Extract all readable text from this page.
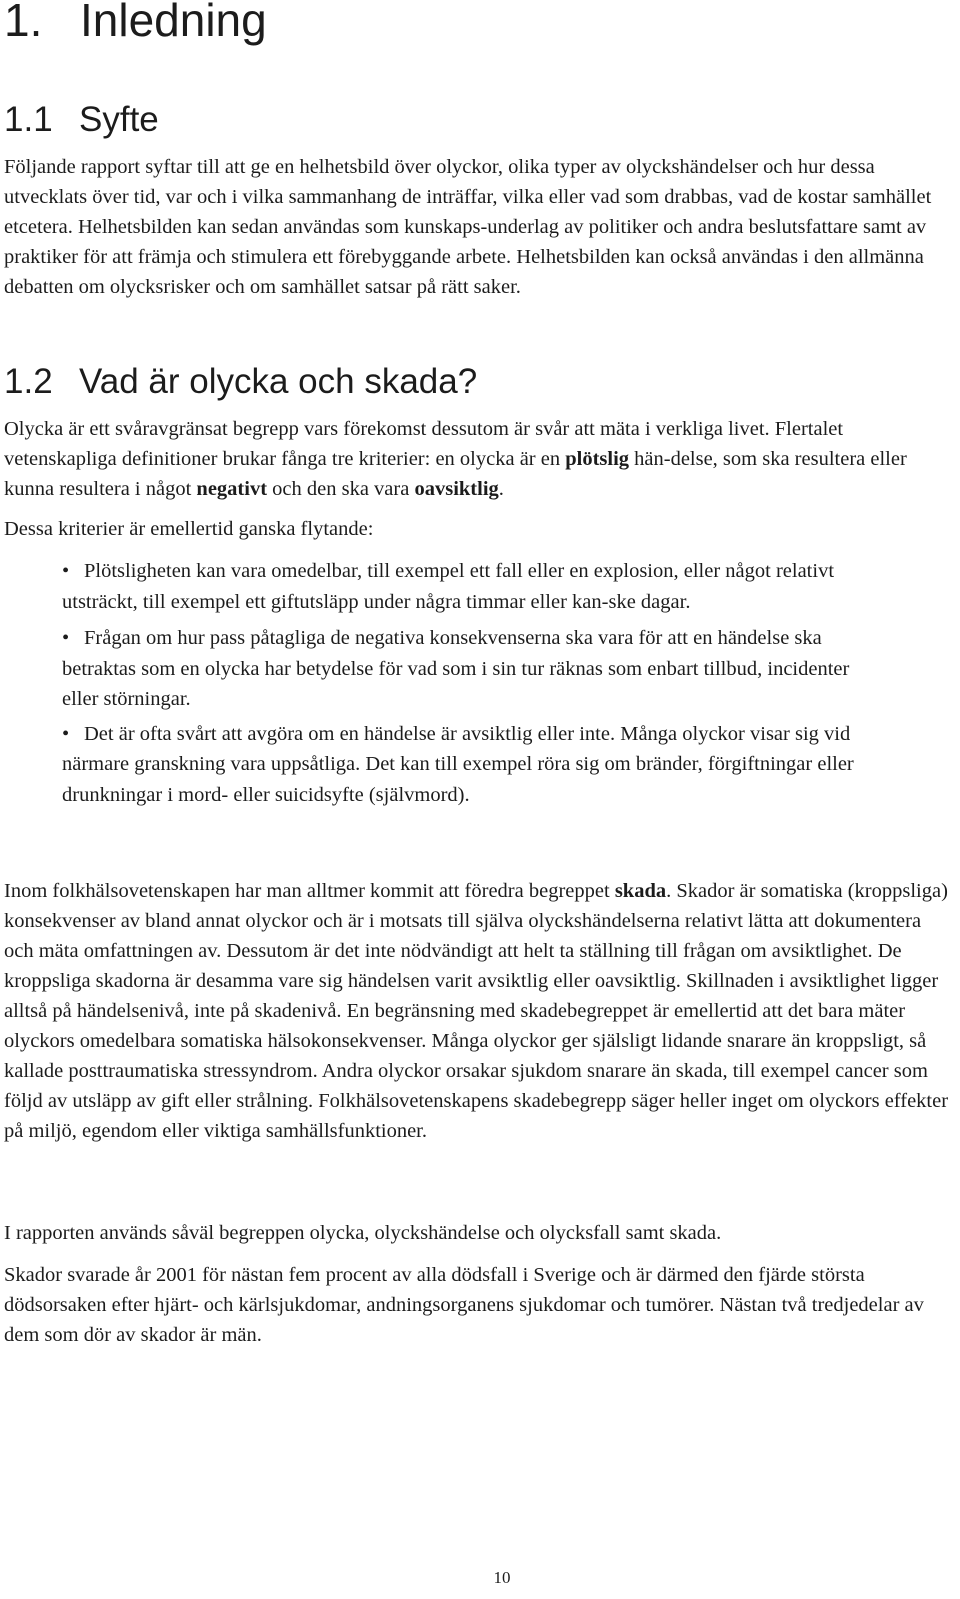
1. Inledning
1.1 Syfte

Följande rapport syftar till att ge en helhetsbild över olyckor, olika typer av olyckshändelser och hur dessa utvecklats över tid, var och i vilka sammanhang de inträffar, vilka eller vad som drabbas, vad de kostar samhället etcetera. Helhetsbilden kan sedan användas som kunskaps-underlag av politiker och andra beslutsfattare samt av praktiker för att främja och stimulera ett förebyggande arbete. Helhetsbilden kan också användas i den allmänna debatten om olycksrisker och om samhället satsar på rätt saker.

1.2 Vad är olycka och skada?

Olycka är ett svåravgränsat begrepp vars förekomst dessutom är svår att mäta i verkliga livet. Flertalet vetenskapliga definitioner brukar fånga tre kriterier: en olycka är en plötslig hän-delse, som ska resultera eller kunna resultera i något negativt och den ska vara oavsiktlig.

Dessa kriterier är emellertid ganska flytande:

• Plötsligheten kan vara omedelbar, till exempel ett fall eller en explosion, eller något relativt utsträckt, till exempel ett giftutsläpp under några timmar eller kan-ske dagar.
• Frågan om hur pass påtagliga de negativa konsekvenserna ska vara för att en händelse ska betraktas som en olycka har betydelse för vad som i sin tur räknas som enbart tillbud, incidenter eller störningar.
• Det är ofta svårt att avgöra om en händelse är avsiktlig eller inte. Många olyckor visar sig vid närmare granskning vara uppsåtliga. Det kan till exempel röra sig om bränder, förgiftningar eller drunkningar i mord- eller suicidsyfte (självmord).

Inom folkhälsovetenskapen har man alltmer kommit att föredra begreppet skada. Skador är somatiska (kroppsliga) konsekvenser av bland annat olyckor och är i motsats till själva olyckshändelserna relativt lätta att dokumentera och mäta omfattningen av. Dessutom är det inte nödvändigt att helt ta ställning till frågan om avsiktlighet. De kroppsliga skadorna är desamma vare sig händelsen varit avsiktlig eller oavsiktlig. Skillnaden i avsiktlighet ligger alltså på händelsenivå, inte på skadenivå. En begränsning med skadebegreppet är emellertid att det bara mäter olyckors omedelbara somatiska hälsokonsekvenser. Många olyckor ger själsligt lidande snarare än kroppsligt, så kallade posttraumatiska stressyndrom. Andra olyckor orsakar sjukdom snarare än skada, till exempel cancer som följd av utsläpp av gift eller strålning. Folkhälsovetenskapens skadebegrepp säger heller inget om olyckors effekter på miljö, egendom eller viktiga samhällsfunktioner.

I rapporten används såväl begreppen olycka, olyckshändelse och olycksfall samt skada.

Skador svarade år 2001 för nästan fem procent av alla dödsfall i Sverige och är därmed den fjärde största dödsorsaken efter hjärt- och kärlsjukdomar, andningsorganens sjukdomar och tumörer. Nästan två tredjedelar av dem som dör av skador är män.

10
